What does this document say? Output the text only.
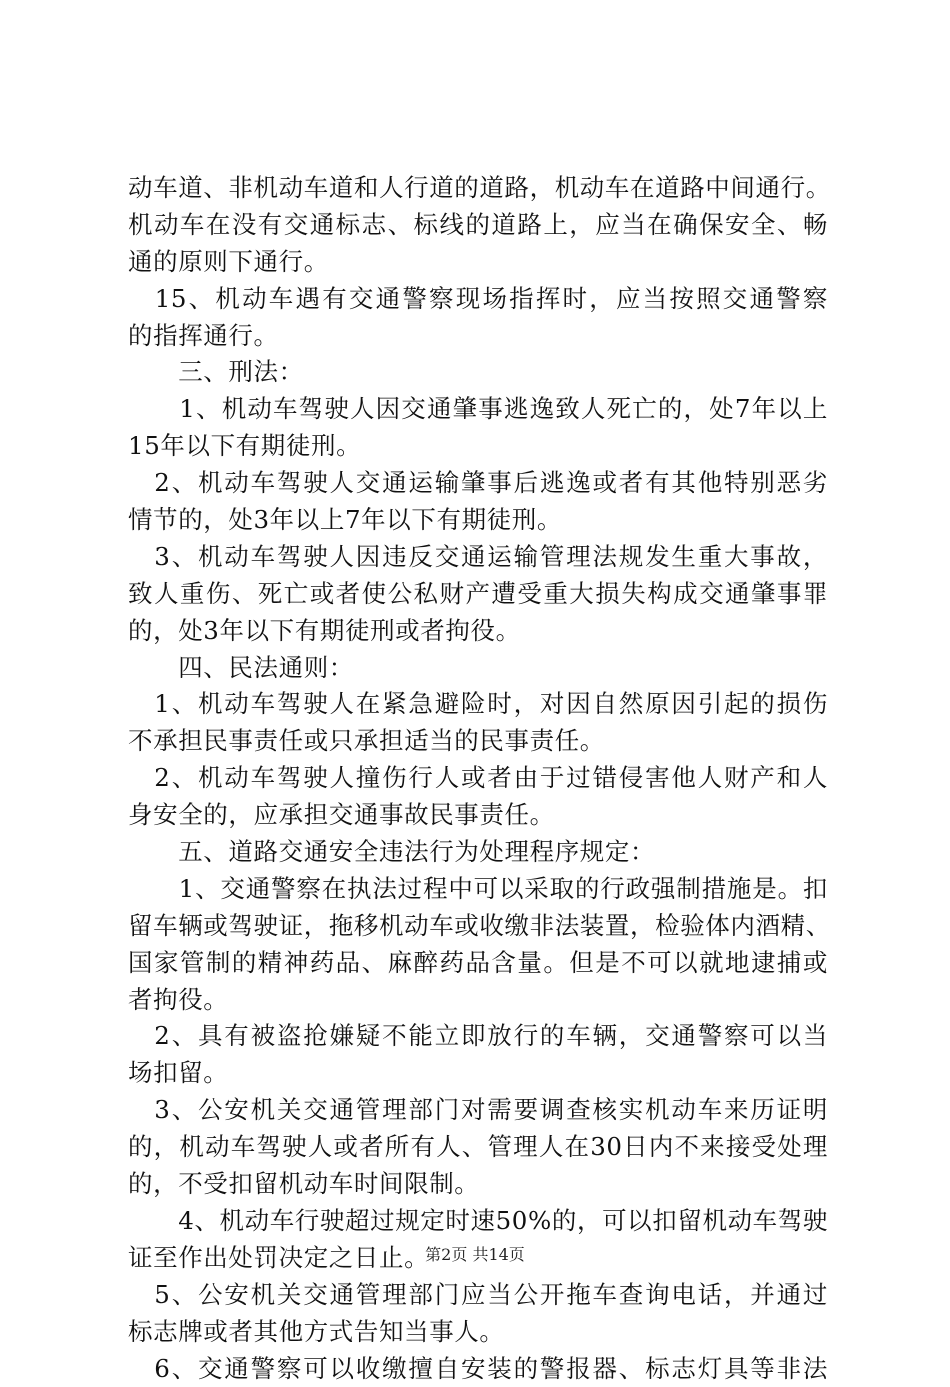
动车道、非机动车道和人行道的道路，机动车在道路中间通行。
机动车在没有交通标志、标线的道路上，应当在确保安全、畅
通的原则下通行。
　15、机动车遇有交通警察现场指挥时，应当按照交通警察
的指挥通行。
　　三、刑法：
　　1、机动车驾驶人因交通肇事逃逸致人死亡的，处7年以上
15年以下有期徒刑。
　2、机动车驾驶人交通运输肇事后逃逸或者有其他特别恶劣
情节的，处3年以上7年以下有期徒刑。
　3、机动车驾驶人因违反交通运输管理法规发生重大事故，
致人重伤、死亡或者使公私财产遭受重大损失构成交通肇事罪
的，处3年以下有期徒刑或者拘役。
　　四、民法通则：
　1、机动车驾驶人在紧急避险时，对因自然原因引起的损伤
不承担民事责任或只承担适当的民事责任。
　2、机动车驾驶人撞伤行人或者由于过错侵害他人财产和人
身安全的，应承担交通事故民事责任。
　　五、道路交通安全违法行为处理程序规定：
　　1、交通警察在执法过程中可以采取的行政强制措施是。扣
留车辆或驾驶证，拖移机动车或收缴非法装置，检验体内酒精、
国家管制的精神药品、麻醉药品含量。但是不可以就地逮捕或
者拘役。
　2、具有被盗抢嫌疑不能立即放行的车辆，交通警察可以当
场扣留。
　3、公安机关交通管理部门对需要调查核实机动车来历证明
的，机动车驾驶人或者所有人、管理人在30日内不来接受处理
的，不受扣留机动车时间限制。
　　4、机动车行驶超过规定时速50%的，可以扣留机动车驾驶
证至作出处罚决定之日止。
　5、公安机关交通管理部门应当公开拖车查询电话，并通过
标志牌或者其他方式告知当事人。
　6、交通警察可以收缴擅自安装的警报器、标志灯具等非法
第2页 共14页
